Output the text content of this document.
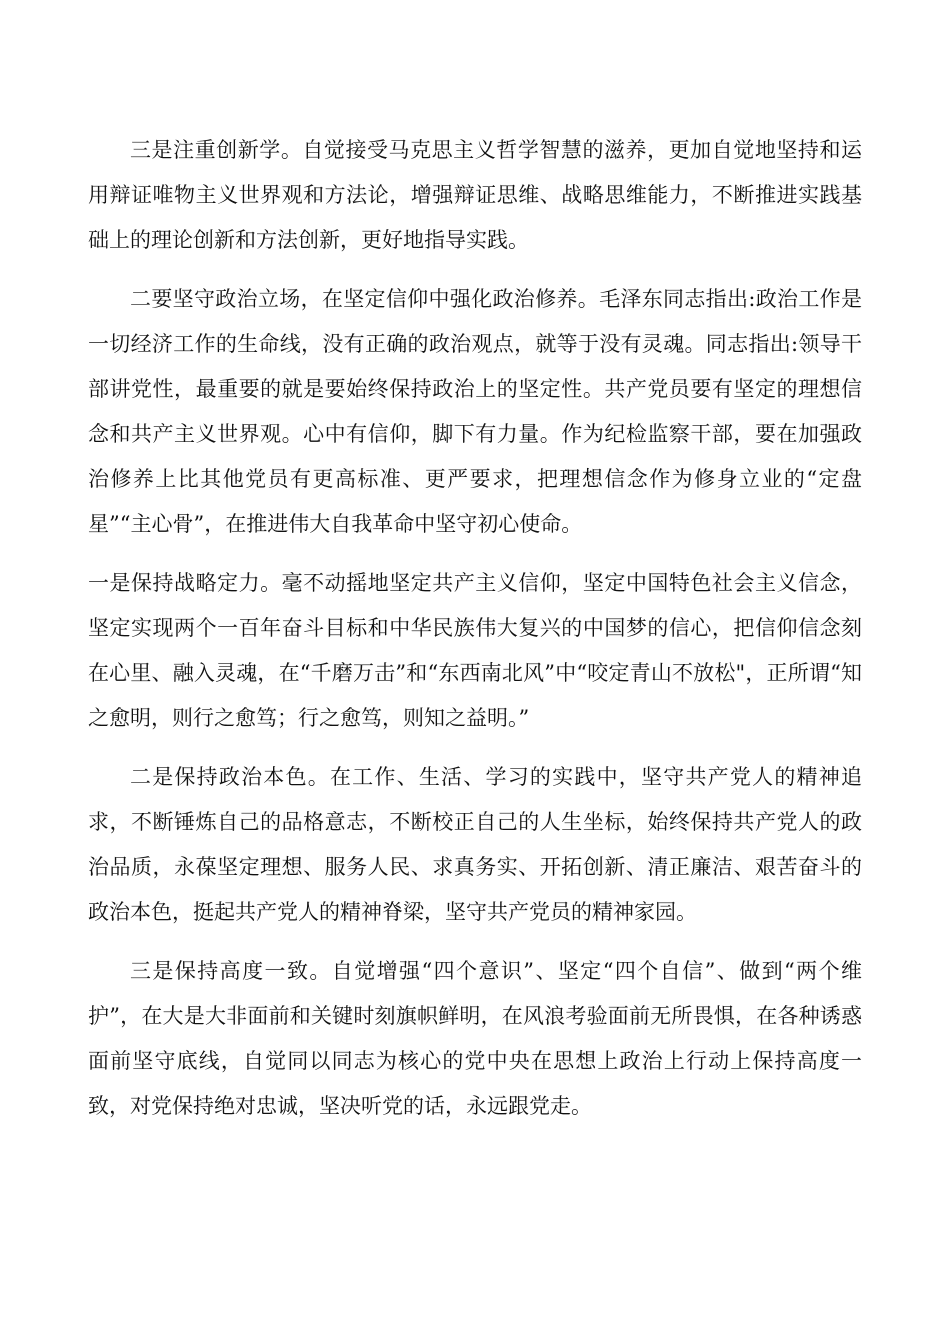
三是注重创新学。自觉接受马克思主义哲学智慧的滋养，更加自觉地坚持和运用辩证唯物主义世界观和方法论，增强辩证思维、战略思维能力，不断推进实践基础上的理论创新和方法创新，更好地指导实践。

二要坚守政治立场，在坚定信仰中强化政治修养。毛泽东同志指出:政治工作是一切经济工作的生命线，没有正确的政治观点，就等于没有灵魂。同志指出:领导干部讲党性，最重要的就是要始终保持政治上的坚定性。共产党员要有坚定的理想信念和共产主义世界观。心中有信仰，脚下有力量。作为纪检监察干部，要在加强政治修养上比其他党员有更高标准、更严要求，把理想信念作为修身立业的“定盘星”“主心骨”，在推进伟大自我革命中坚守初心使命。

一是保持战略定力。毫不动摇地坚定共产主义信仰，坚定中国特色社会主义信念，坚定实现两个一百年奋斗目标和中华民族伟大复兴的中国梦的信心，把信仰信念刻在心里、融入灵魂，在“千磨万击”和“东西南北风”中“咬定青山不放松"，正所谓“知之愈明，则行之愈笃；行之愈笃，则知之益明。”

二是保持政治本色。在工作、生活、学习的实践中，坚守共产党人的精神追求，不断锤炼自己的品格意志，不断校正自己的人生坐标，始终保持共产党人的政治品质，永葆坚定理想、服务人民、求真务实、开拓创新、清正廉洁、艰苦奋斗的政治本色，挺起共产党人的精神脊梁，坚守共产党员的精神家园。

三是保持高度一致。自觉增强“四个意识”、坚定“四个自信”、做到“两个维护”，在大是大非面前和关键时刻旗帜鲜明，在风浪考验面前无所畏惧，在各种诱惑面前坚守底线，自觉同以同志为核心的党中央在思想上政治上行动上保持高度一致，对党保持绝对忠诚，坚决听党的话，永远跟党走。
